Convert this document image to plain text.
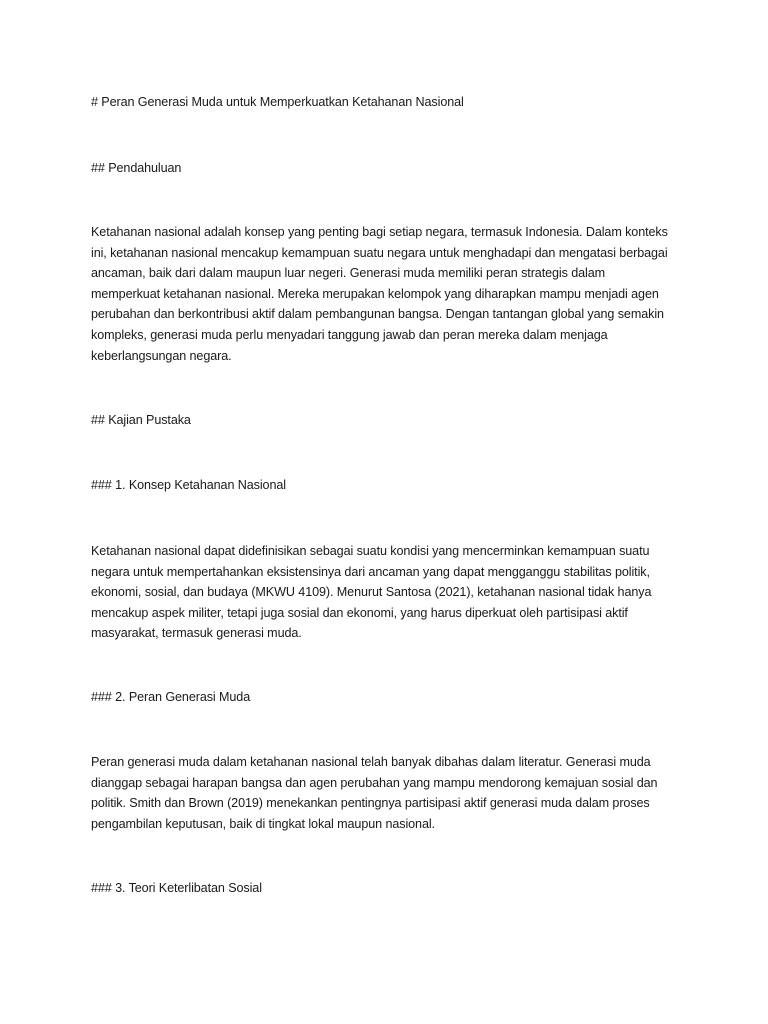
# Peran Generasi Muda untuk Memperkuatkan Ketahanan Nasional
## Pendahuluan
Ketahanan nasional adalah konsep yang penting bagi setiap negara, termasuk Indonesia. Dalam konteks
ini, ketahanan nasional mencakup kemampuan suatu negara untuk menghadapi dan mengatasi berbagai
ancaman, baik dari dalam maupun luar negeri. Generasi muda memiliki peran strategis dalam
memperkuat ketahanan nasional. Mereka merupakan kelompok yang diharapkan mampu menjadi agen
perubahan dan berkontribusi aktif dalam pembangunan bangsa. Dengan tantangan global yang semakin
kompleks, generasi muda perlu menyadari tanggung jawab dan peran mereka dalam menjaga
keberlangsungan negara.
## Kajian Pustaka
### 1. Konsep Ketahanan Nasional
Ketahanan nasional dapat didefinisikan sebagai suatu kondisi yang mencerminkan kemampuan suatu
negara untuk mempertahankan eksistensinya dari ancaman yang dapat mengganggu stabilitas politik,
ekonomi, sosial, dan budaya (MKWU 4109). Menurut Santosa (2021), ketahanan nasional tidak hanya
mencakup aspek militer, tetapi juga sosial dan ekonomi, yang harus diperkuat oleh partisipasi aktif
masyarakat, termasuk generasi muda.
### 2. Peran Generasi Muda
Peran generasi muda dalam ketahanan nasional telah banyak dibahas dalam literatur. Generasi muda
dianggap sebagai harapan bangsa dan agen perubahan yang mampu mendorong kemajuan sosial dan
politik. Smith dan Brown (2019) menekankan pentingnya partisipasi aktif generasi muda dalam proses
pengambilan keputusan, baik di tingkat lokal maupun nasional.
### 3. Teori Keterlibatan Sosial
